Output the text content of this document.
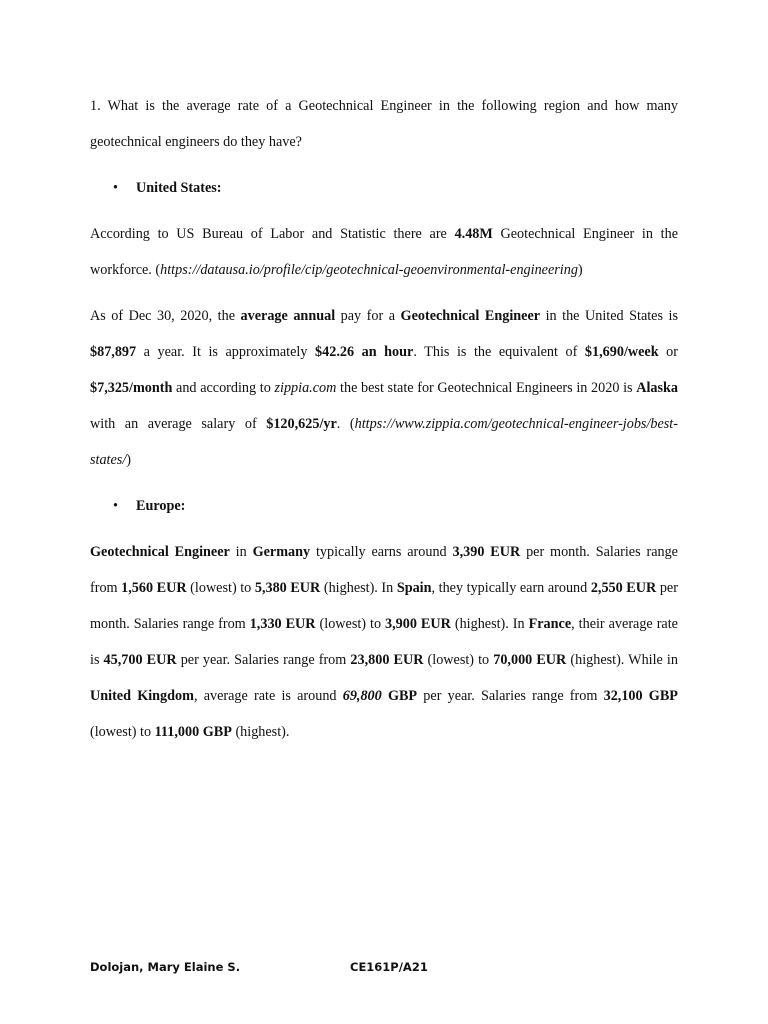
1. What is the average rate of a Geotechnical Engineer in the following region and how many geotechnical engineers do they have?

• United States:

According to US Bureau of Labor and Statistic there are 4.48M Geotechnical Engineer in the workforce. (https://datausa.io/profile/cip/geotechnical-geoenvironmental-engineering)

As of Dec 30, 2020, the average annual pay for a Geotechnical Engineer in the United States is $87,897 a year. It is approximately $42.26 an hour. This is the equivalent of $1,690/week or $7,325/month and according to zippia.com the best state for Geotechnical Engineers in 2020 is Alaska with an average salary of $120,625/yr. (https://www.zippia.com/geotechnical-engineer-jobs/best-states/)

• Europe:

Geotechnical Engineer in Germany typically earns around 3,390 EUR per month. Salaries range from 1,560 EUR (lowest) to 5,380 EUR (highest). In Spain, they typically earn around 2,550 EUR per month. Salaries range from 1,330 EUR (lowest) to 3,900 EUR (highest). In France, their average rate is 45,700 EUR per year. Salaries range from 23,800 EUR (lowest) to 70,000 EUR (highest). While in United Kingdom, average rate is around 69,800 GBP per year. Salaries range from 32,100 GBP (lowest) to 111,000 GBP (highest).

Dolojan, Mary Elaine S.	CE161P/A21
